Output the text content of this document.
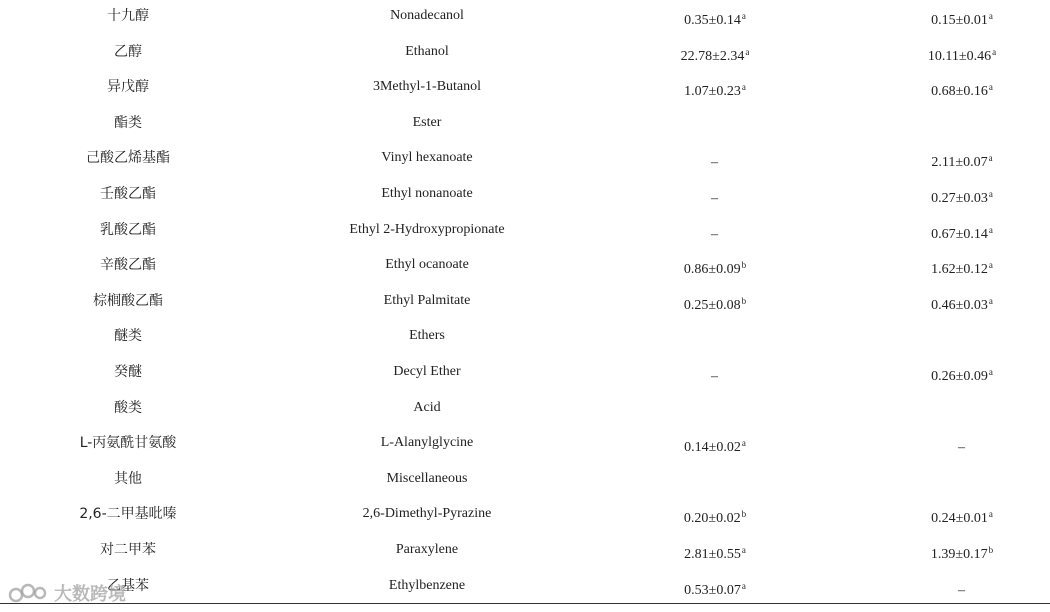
十九醇	Nonadecanol	0.35±0.14$^a$	0.15±0.01$^a$
乙醇	Ethanol	22.78±2.34$^a$	10.11±0.46$^a$
异戊醇	3Methyl-1-Butanol	1.07±0.23$^a$	0.68±0.16$^a$
酯类	Ester
己酸乙烯基酯	Vinyl hexanoate	–	2.11±0.07$^a$
壬酸乙酯	Ethyl nonanoate	–	0.27±0.03$^a$
乳酸乙酯	Ethyl 2-Hydroxypropionate	–	0.67±0.14$^a$
辛酸乙酯	Ethyl ocanoate	0.86±0.09$^b$	1.62±0.12$^a$
棕榈酸乙酯	Ethyl Palmitate	0.25±0.08$^b$	0.46±0.03$^a$
醚类	Ethers
癸醚	Decyl Ether	–	0.26±0.09$^a$
酸类	Acid
L-丙氨酰甘氨酸	L-Alanylglycine	0.14±0.02$^a$	–
其他	Miscellaneous
2,6-二甲基吡嗪	2,6-Dimethyl-Pyrazine	0.20±0.02$^b$	0.24±0.01$^a$
对二甲苯	Paraxylene	2.81±0.55$^a$	1.39±0.17$^b$
乙基苯	Ethylbenzene	0.53±0.07$^a$	–
大数跨境
